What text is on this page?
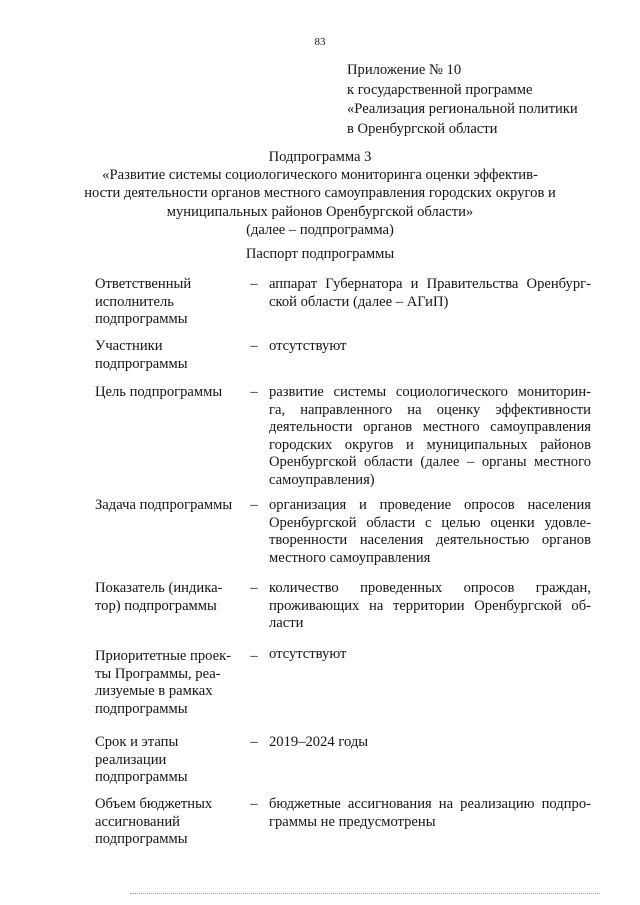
83
Приложение № 10
к государственной программе
«Реализация региональной политики
в Оренбургской области
Подпрограмма 3
«Развитие системы социологического мониторинга оценки эффектив-
ности деятельности органов местного самоуправления городских округов и
муниципальных районов Оренбургской области»
(далее – подпрограмма)
Паспорт подпрограммы
Ответственный
исполнитель
подпрограммы
– аппарат Губернатора и Правительства Оренбург-
ской области (далее – АГиП)
Участники
подпрограммы
– отсутствуют
Цель подпрограммы	– развитие системы социологического мониторин-
га, направленного на оценку эффективности
деятельности органов местного самоуправления
городских округов и муниципальных районов
Оренбургской области (далее – органы местного
самоуправления)
Задача подпрограммы	– организация и проведение опросов населения
Оренбургской области с целью оценки удовле-
творенности населения деятельностью органов
местного самоуправления
Показатель (индика-
тор) подпрограммы
– количество проведенных опросов граждан,
проживающих на территории Оренбургской об-
ласти
Приоритетные проек-
ты Программы, реа-
лизуемые в рамках
подпрограммы
– отсутствуют
Срок и этапы
реализации
подпрограммы
– 2019–2024 годы
Объем бюджетных
ассигнований
подпрограммы
– бюджетные ассигнования на реализацию подпро-
граммы не предусмотрены
